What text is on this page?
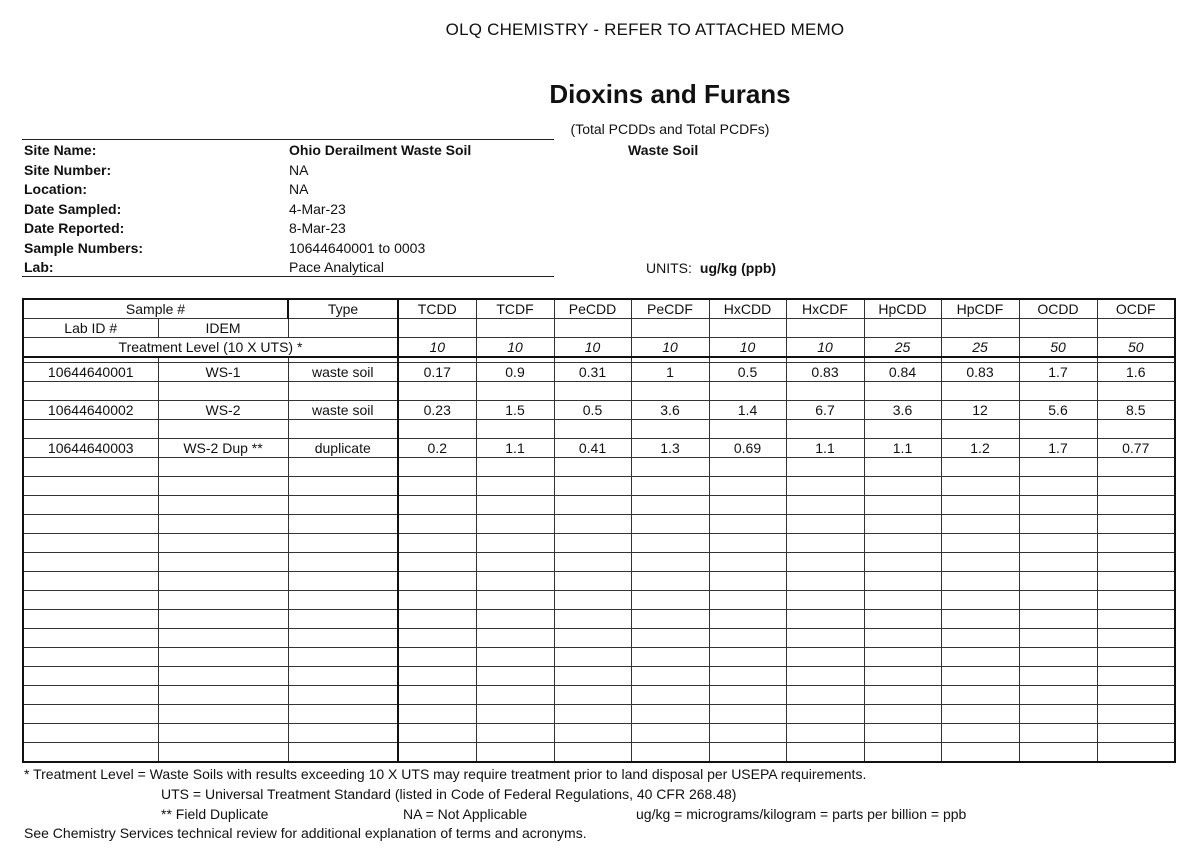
OLQ CHEMISTRY - REFER TO ATTACHED MEMO
Dioxins and Furans
(Total PCDDs and Total PCDFs)
Site Name:	Ohio Derailment Waste Soil
Site Number:	NA
Location:	NA
Date Sampled:	4-Mar-23
Date Reported:	8-Mar-23
Sample Numbers:	10644640001 to 0003
Lab:	Pace Analytical
Waste Soil
UNITS: ug/kg (ppb)
Sample #		Type	TCDD	TCDF	PeCDD	PeCDF	HxCDD	HxCDF	HpCDD	HpCDF	OCDD	OCDF
Lab ID #	IDEM											
Treatment Level (10 X UTS) *			10	10	10	10	10	10	25	25	50	50

10644640001	WS-1	waste soil	0.17	0.9	0.31	1	0.5	0.83	0.84	0.83	1.7	1.6

10644640002	WS-2	waste soil	0.23	1.5	0.5	3.6	1.4	6.7	3.6	12	5.6	8.5

10644640003	WS-2 Dup **	duplicate	0.2	1.1	0.41	1.3	0.69	1.1	1.1	1.2	1.7	0.77

* Treatment Level = Waste Soils with results exceeding 10 X UTS may require treatment prior to land disposal per USEPA requirements.
UTS = Universal Treatment Standard (listed in Code of Federal Regulations, 40 CFR 268.48)
** Field Duplicate	NA = Not Applicable	ug/kg = micrograms/kilogram = parts per billion = ppb
See Chemistry Services technical review for additional explanation of terms and acronyms.
